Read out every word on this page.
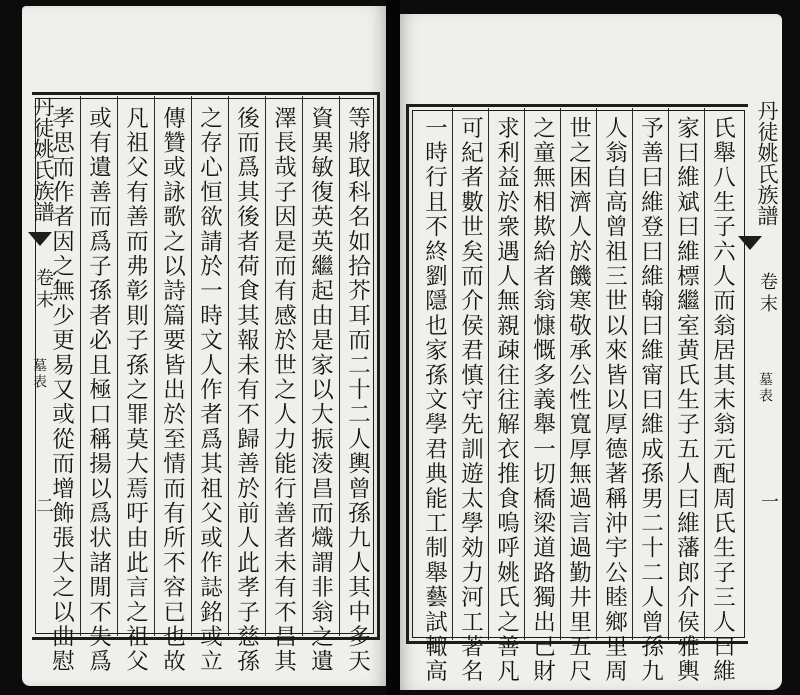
丹徒姚氏族譜
卷末
墓表
二
丹徒姚氏族譜
卷末
墓表
一
等將取科名如拾芥耳而二十二人輿曾孫九人其中多天
資異敏復英英繼起由是家以大振淩昌而熾謂非翁之遺
澤長哉子因是而有感於世之人力能行善者未有不昌其
後而爲其後者荷食其報未有不歸善於前人此孝子慈孫
之存心恒欲請於一時文人作者爲其祖父或作誌銘或立
傳贊或詠歌之以詩篇要皆出於至情而有所不容已也故
凡祖父有善而弗彰則子孫之罪莫大焉吁由此言之祖父
或有遺善而爲子孫者必且極口稱揚以爲状諸閒不失爲
孝思而作者因之無少更易又或從而增飾張大之以曲慰	氏舉八生子六人而翁居其末翁元配周氏生子三人曰維
家曰維斌曰維標繼室黄氏生子五人曰維藩郎介侯雅輿
予善曰維登曰維翰曰維甯曰維成孫男二十二人曾孫九
人翁自高曾祖三世以來皆以厚德著稱沖宇公睦鄉里周
世之困濟人於饑寒敬承公性寬厚無過言過勤井里五尺
之童無相欺紿者翁慷慨多義舉一切橋梁道路獨出己財
求利益於衆遇人無親疎往往解衣推食嗚呼姚氏之善凡
可紀者數世矣而介侯君慎守先訓遊太學効力河工著名
一時行且不終劉隱也家孫文學君典能工制舉藝試輙高
